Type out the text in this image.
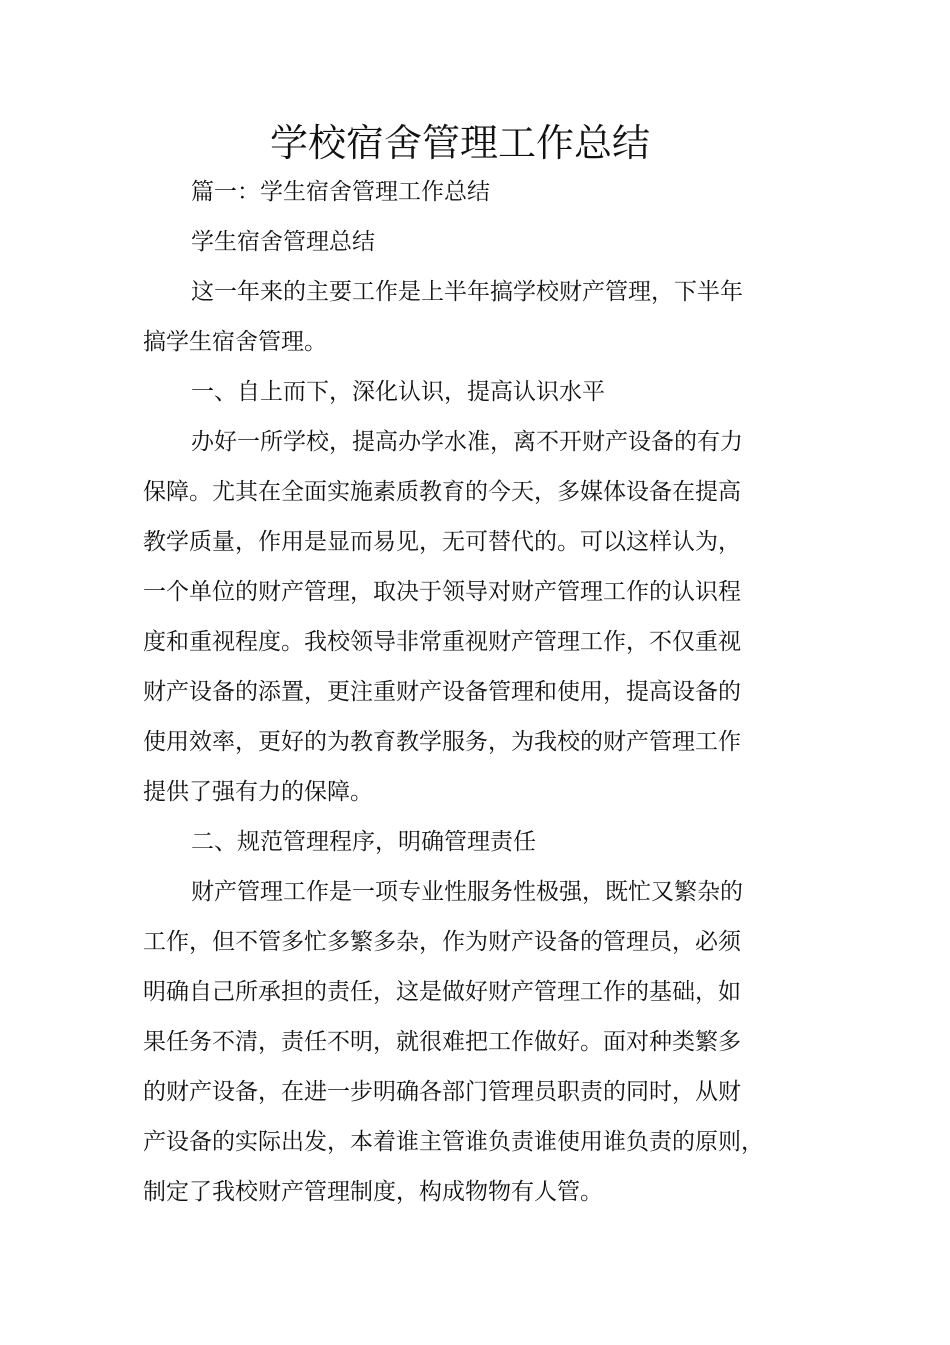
学校宿舍管理工作总结

篇一：学生宿舍管理工作总结

学生宿舍管理总结

这一年来的主要工作是上半年搞学校财产管理，下半年
搞学生宿舍管理。

一、自上而下，深化认识，提高认识水平

办好一所学校，提高办学水准，离不开财产设备的有力
保障。尤其在全面实施素质教育的今天，多媒体设备在提高
教学质量，作用是显而易见，无可替代的。可以这样认为，
一个单位的财产管理，取决于领导对财产管理工作的认识程
度和重视程度。我校领导非常重视财产管理工作，不仅重视
财产设备的添置，更注重财产设备管理和使用，提高设备的
使用效率，更好的为教育教学服务，为我校的财产管理工作
提供了强有力的保障。

二、规范管理程序，明确管理责任

财产管理工作是一项专业性服务性极强，既忙又繁杂的
工作，但不管多忙多繁多杂，作为财产设备的管理员，必须
明确自己所承担的责任，这是做好财产管理工作的基础，如
果任务不清，责任不明，就很难把工作做好。面对种类繁多
的财产设备，在进一步明确各部门管理员职责的同时，从财
产设备的实际出发，本着谁主管谁负责谁使用谁负责的原则，
制定了我校财产管理制度，构成物物有人管。
